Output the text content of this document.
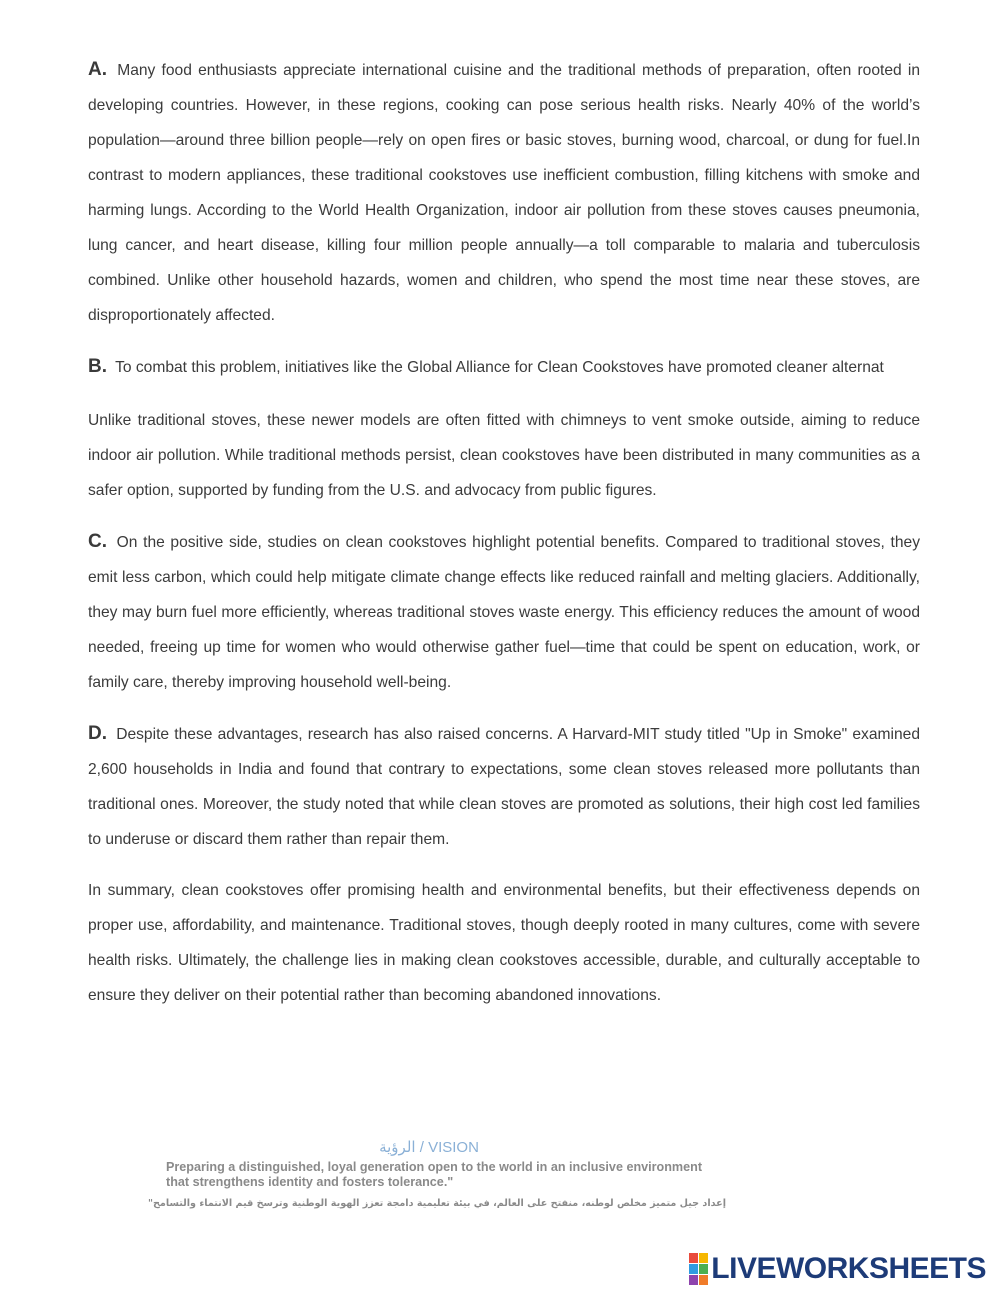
A. Many food enthusiasts appreciate international cuisine and the traditional methods of preparation, often rooted in developing countries. However, in these regions, cooking can pose serious health risks. Nearly 40% of the world’s population—around three billion people—rely on open fires or basic stoves, burning wood, charcoal, or dung for fuel.In contrast to modern appliances, these traditional cookstoves use inefficient combustion, filling kitchens with smoke and harming lungs. According to the World Health Organization, indoor air pollution from these stoves causes pneumonia, lung cancer, and heart disease, killing four million people annually—a toll comparable to malaria and tuberculosis combined. Unlike other household hazards, women and children, who spend the most time near these stoves, are disproportionately affected.

B. To combat this problem, initiatives like the Global Alliance for Clean Cookstoves have promoted cleaner alternat

Unlike traditional stoves, these newer models are often fitted with chimneys to vent smoke outside, aiming to reduce indoor air pollution. While traditional methods persist, clean cookstoves have been distributed in many communities as a safer option, supported by funding from the U.S. and advocacy from public figures.

C. On the positive side, studies on clean cookstoves highlight potential benefits. Compared to traditional stoves, they emit less carbon, which could help mitigate climate change effects like reduced rainfall and melting glaciers. Additionally, they may burn fuel more efficiently, whereas traditional stoves waste energy. This efficiency reduces the amount of wood needed, freeing up time for women who would otherwise gather fuel—time that could be spent on education, work, or family care, thereby improving household well-being.

D. Despite these advantages, research has also raised concerns. A Harvard-MIT study titled "Up in Smoke" examined 2,600 households in India and found that contrary to expectations, some clean stoves released more pollutants than traditional ones. Moreover, the study noted that while clean stoves are promoted as solutions, their high cost led families to underuse or discard them rather than repair them.

In summary, clean cookstoves offer promising health and environmental benefits, but their effectiveness depends on proper use, affordability, and maintenance. Traditional stoves, though deeply rooted in many cultures, come with severe health risks. Ultimately, the challenge lies in making clean cookstoves accessible, durable, and culturally acceptable to ensure they deliver on their potential rather than becoming abandoned innovations.

الرؤية / VISION
Preparing a distinguished, loyal generation open to the world in an inclusive environment that strengthens identity and fosters tolerance."
إعداد جيل متميز مخلص لوطنه، منفتح على العالم، في بيئة تعليمية دامجة تعزز الهوية الوطنية وترسخ قيم الانتماء والتسامح"
LIVEWORKSHEETS
